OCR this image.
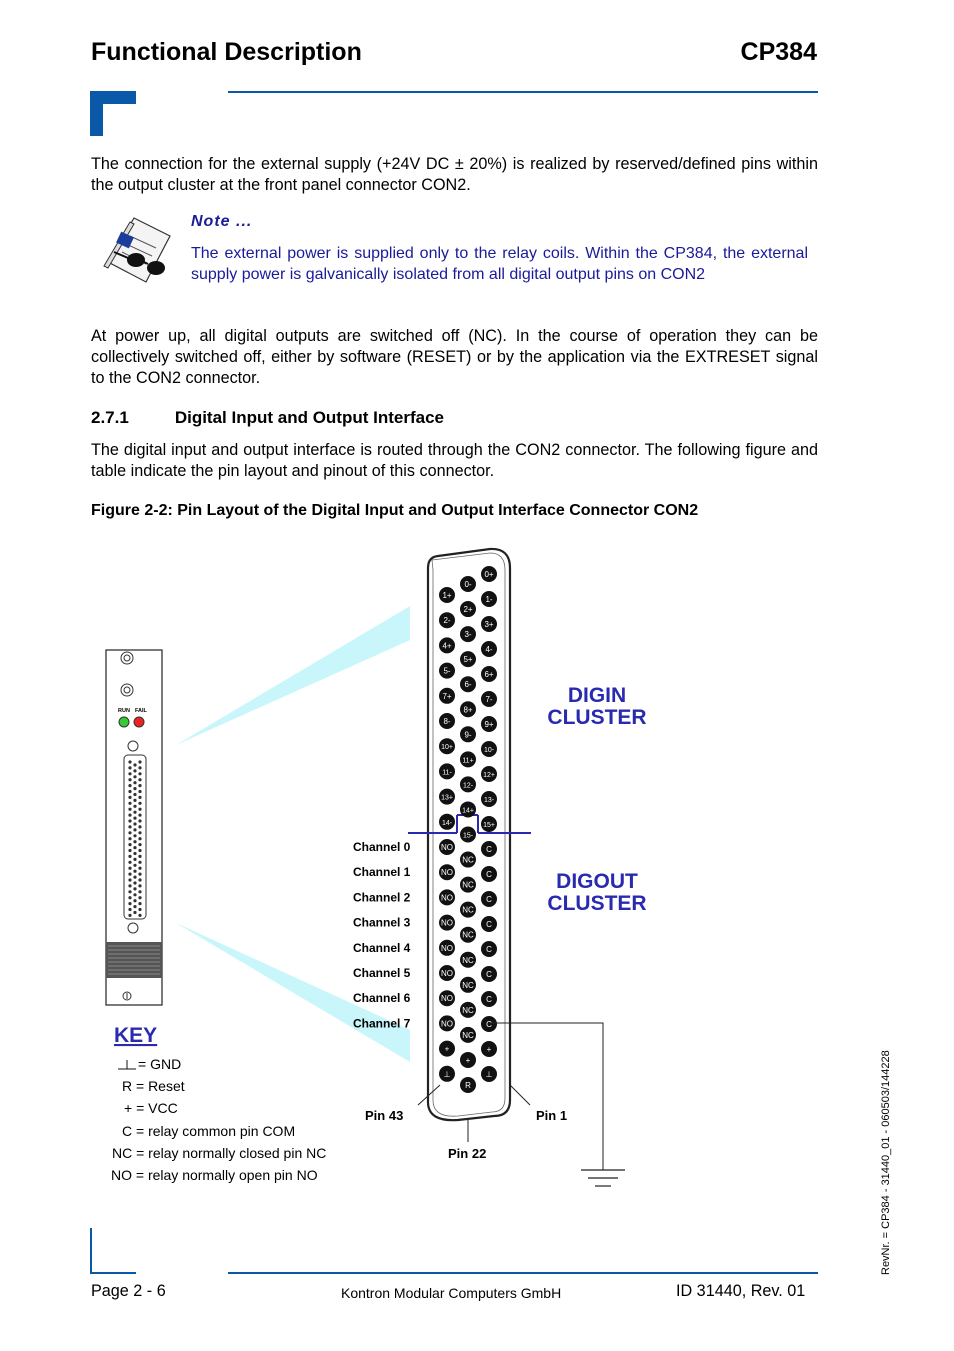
Functional Description	CP384
The connection for the external supply (+24V DC ± 20%) is realized by reserved/defined pins within the output cluster at the front panel connector CON2.
Note ...
The external power is supplied only to the relay coils. Within the CP384, the external supply power is galvanically isolated from all digital output pins on CON2
At power up, all digital outputs are switched off (NC). In the course of operation they can be collectively switched off, either by software (RESET) or by the application via the EXTRESET signal to the CON2 connector.
2.7.1	Digital Input and Output Interface
The digital input and output interface is routed through the CON2 connector. The following figure and table indicate the pin layout and pinout of this connector.
Figure 2-2: Pin Layout of the Digital Input and Output Interface Connector CON2
RUN FAIL
1+
2-
4+
5-
7+
8-
10+
11-
13+
14-
NO
NO
NO
NO
NO
NO
NO
NO
+
⊥
0-
2+
3-
5+
6-
8+
9-
11+
12-
14+
15-
NC
NC
NC
NC
NC
NC
NC
NC
+
R
0+
1-
3+
4-
6+
7-
9+
10-
12+
13-
15+
C
C
C
C
C
C
C
C
+
⊥
DIGIN
CLUSTER
DIGOUT
CLUSTER
Channel 0
Channel 1
Channel 2
Channel 3
Channel 4
Channel 5
Channel 6
Channel 7
Pin 43	Pin 1
Pin 22
KEY
= GND
R = Reset
+ = VCC
C = relay common pin COM
NC = relay normally closed pin NC
NO = relay normally open pin NO
Page 2 - 6	Kontron Modular Computers GmbH	ID 31440, Rev. 01
RevNr. = CP384 - 31440_01 - 060503/144228
